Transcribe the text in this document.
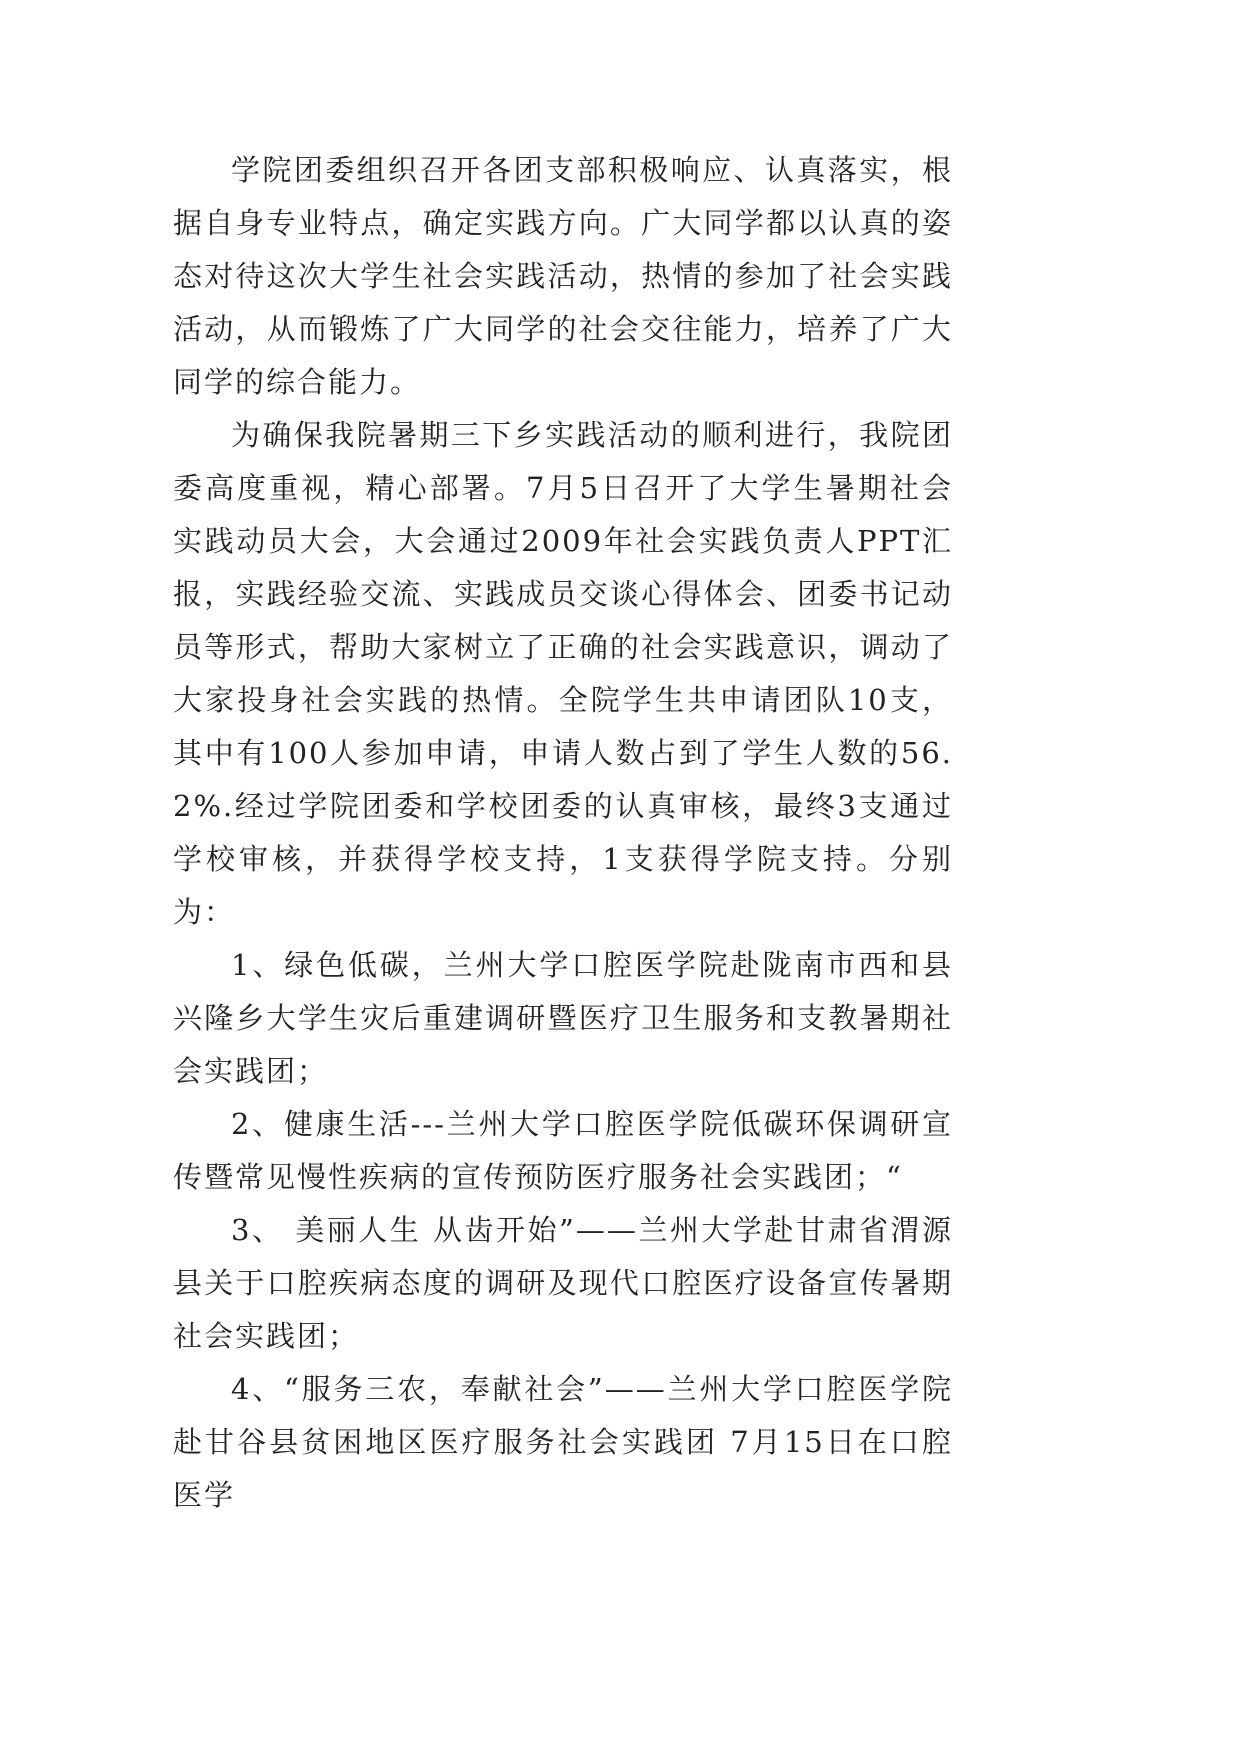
学院团委组织召开各团支部积极响应、认真落实，根据自身专业特点，确定实践方向。广大同学都以认真的姿态对待这次大学生社会实践活动，热情的参加了社会实践活动，从而锻炼了广大同学的社会交往能力，培养了广大同学的综合能力。

为确保我院暑期三下乡实践活动的顺利进行，我院团委高度重视，精心部署。7月5日召开了大学生暑期社会实践动员大会，大会通过2009年社会实践负责人PPT汇报，实践经验交流、实践成员交谈心得体会、团委书记动员等形式，帮助大家树立了正确的社会实践意识，调动了大家投身社会实践的热情。全院学生共申请团队10支，其中有100人参加申请，申请人数占到了学生人数的56.2%.经过学院团委和学校团委的认真审核，最终3支通过学校审核，并获得学校支持，1支获得学院支持。分别为：

1、绿色低碳，兰州大学口腔医学院赴陇南市西和县兴隆乡大学生灾后重建调研暨医疗卫生服务和支教暑期社会实践团；

2、健康生活---兰州大学口腔医学院低碳环保调研宣传暨常见慢性疾病的宣传预防医疗服务社会实践团；“

3、 美丽人生 从齿开始”——兰州大学赴甘肃省渭源县关于口腔疾病态度的调研及现代口腔医疗设备宣传暑期社会实践团；

4、“服务三农，奉献社会”——兰州大学口腔医学院赴甘谷县贫困地区医疗服务社会实践团 7月15日在口腔医学
